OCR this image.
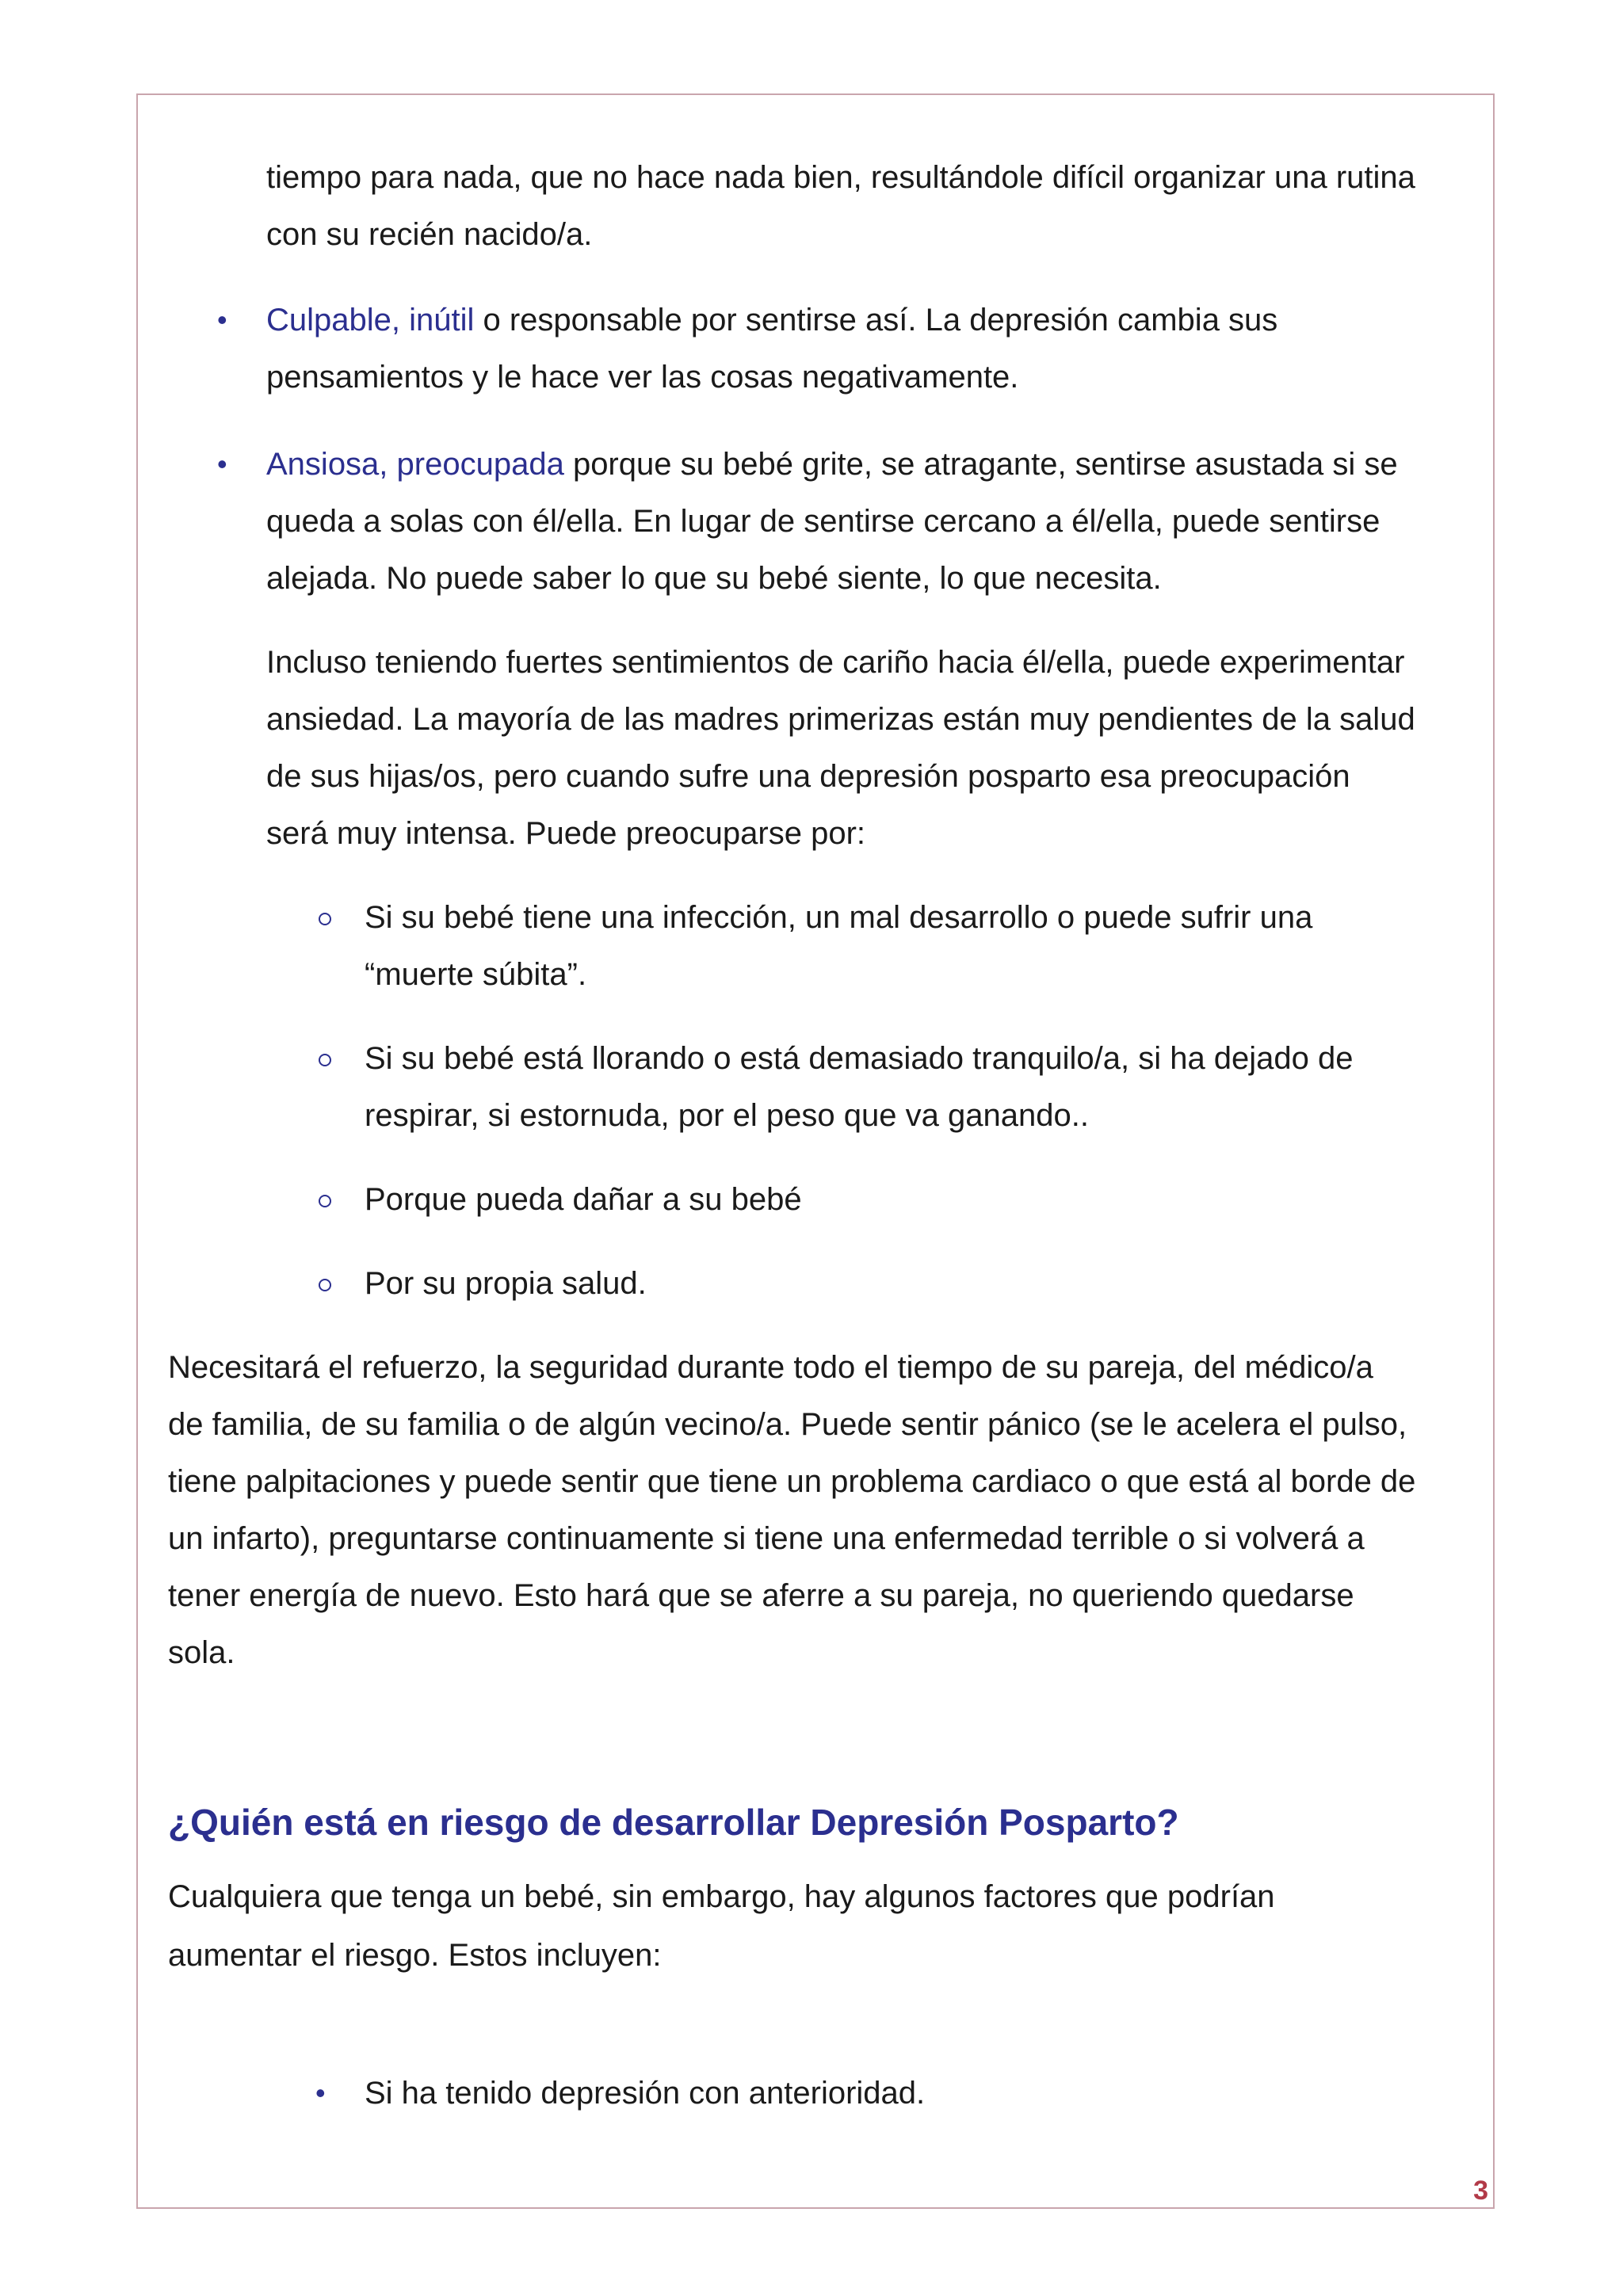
tiempo para nada, que no hace nada bien, resultándole difícil organizar una rutina
con su recién nacido/a.
• Culpable, inútil o responsable por sentirse así. La depresión cambia sus
pensamientos y le hace ver las cosas negativamente.
• Ansiosa, preocupada porque su bebé grite, se atragante, sentirse asustada si se
queda a solas con él/ella. En lugar de sentirse cercano a él/ella, puede sentirse
alejada. No puede saber lo que su bebé siente, lo que necesita.
Incluso teniendo fuertes sentimientos de cariño hacia él/ella, puede experimentar
ansiedad. La mayoría de las madres primerizas están muy pendientes de la salud
de sus hijas/os, pero cuando sufre una depresión posparto esa preocupación
será muy intensa. Puede preocuparse por:
Si su bebé tiene una infección, un mal desarrollo o puede sufrir una
“muerte súbita”.
Si su bebé está llorando o está demasiado tranquilo/a, si ha dejado de
respirar, si estornuda, por el peso que va ganando..
Porque pueda dañar a su bebé
Por su propia salud.
Necesitará el refuerzo, la seguridad durante todo el tiempo de su pareja, del médico/a
de familia, de su familia o de algún vecino/a. Puede sentir pánico (se le acelera el pulso,
tiene palpitaciones y puede sentir que tiene un problema cardiaco o que está al borde de
un infarto), preguntarse continuamente si tiene una enfermedad terrible o si volverá a
tener energía de nuevo. Esto hará que se aferre a su pareja, no queriendo quedarse
sola.
¿Quién está en riesgo de desarrollar Depresión Posparto?
Cualquiera que tenga un bebé, sin embargo, hay algunos factores que podrían
aumentar el riesgo. Estos incluyen:
• Si ha tenido depresión con anterioridad.
3
